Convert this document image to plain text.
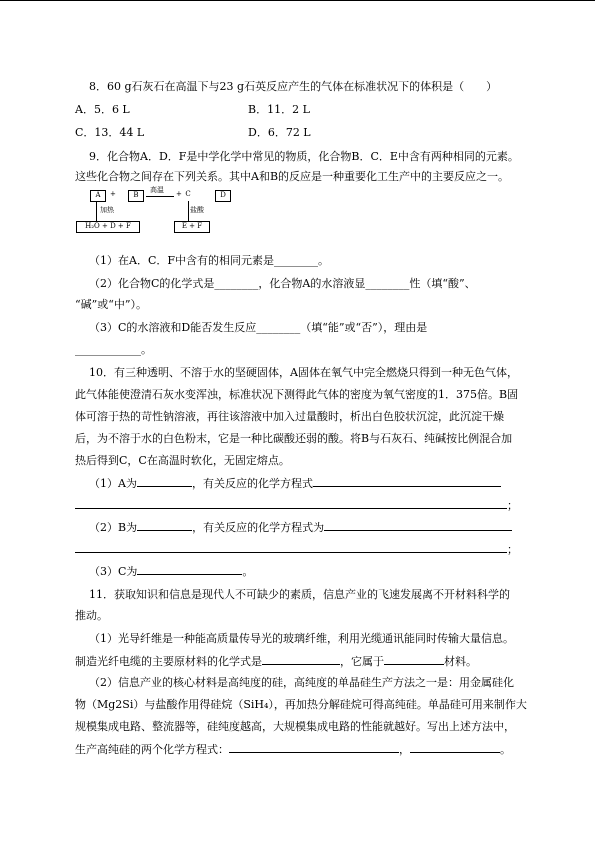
8．60 g石灰石在高温下与23 g石英反应产生的气体在标准状况下的体积是（　　）
A．5．6 L	B．11．2 L
C．13．44 L	D．6．72 L
9．化合物A．D．F是中学化学中常见的物质，化合物B．C．E中含有两种相同的元素。
这些化合物之间存在下列关系。其中A和B的反应是一种重要化工生产中的主要反应之一。
A	+	B
高温 + C	D
加热	盐酸
H₂O + D + F	E + F
（1）在A．C．F中含有的相同元素是________。
（2）化合物C的化学式是________，化合物A的水溶液显________性（填“酸”、
“碱”或“中”）。
（3）C的水溶液和D能否发生反应________（填“能”或“否”），理由是
____________。
10．有三种透明、不溶于水的坚硬固体，A固体在氧气中完全燃烧只得到一种无色气体，
此气体能使澄清石灰水变浑浊，标准状况下测得此气体的密度为氧气密度的1．375倍。B固
体可溶于热的苛性钠溶液，再往该溶液中加入过量酸时，析出白色胶状沉淀，此沉淀干燥
后，为不溶于水的白色粉末，它是一种比碳酸还弱的酸。将B与石灰石、纯碱按比例混合加
热后得到C，C在高温时软化，无固定熔点。
（1）A为	，有关反应的化学方程式
；
（2）B为	，有关反应的化学方程式为
；
（3）C为	。
11．获取知识和信息是现代人不可缺少的素质，信息产业的飞速发展离不开材料科学的
推动。
（1）光导纤维是一种能高质量传导光的玻璃纤维，利用光缆通讯能同时传输大量信息。
制造光纤电缆的主要原材料的化学式是	，它属于	材料。
（2）信息产业的核心材料是高纯度的硅，高纯度的单晶硅生产方法之一是：用金属硅化
物（Mg2Si）与盐酸作用得硅烷（SiH₄），再加热分解硅烷可得高纯硅。单晶硅可用来制作大
规模集成电路、整流器等，硅纯度越高，大规模集成电路的性能就越好。写出上述方法中，
生产高纯硅的两个化学方程式：	，	。
